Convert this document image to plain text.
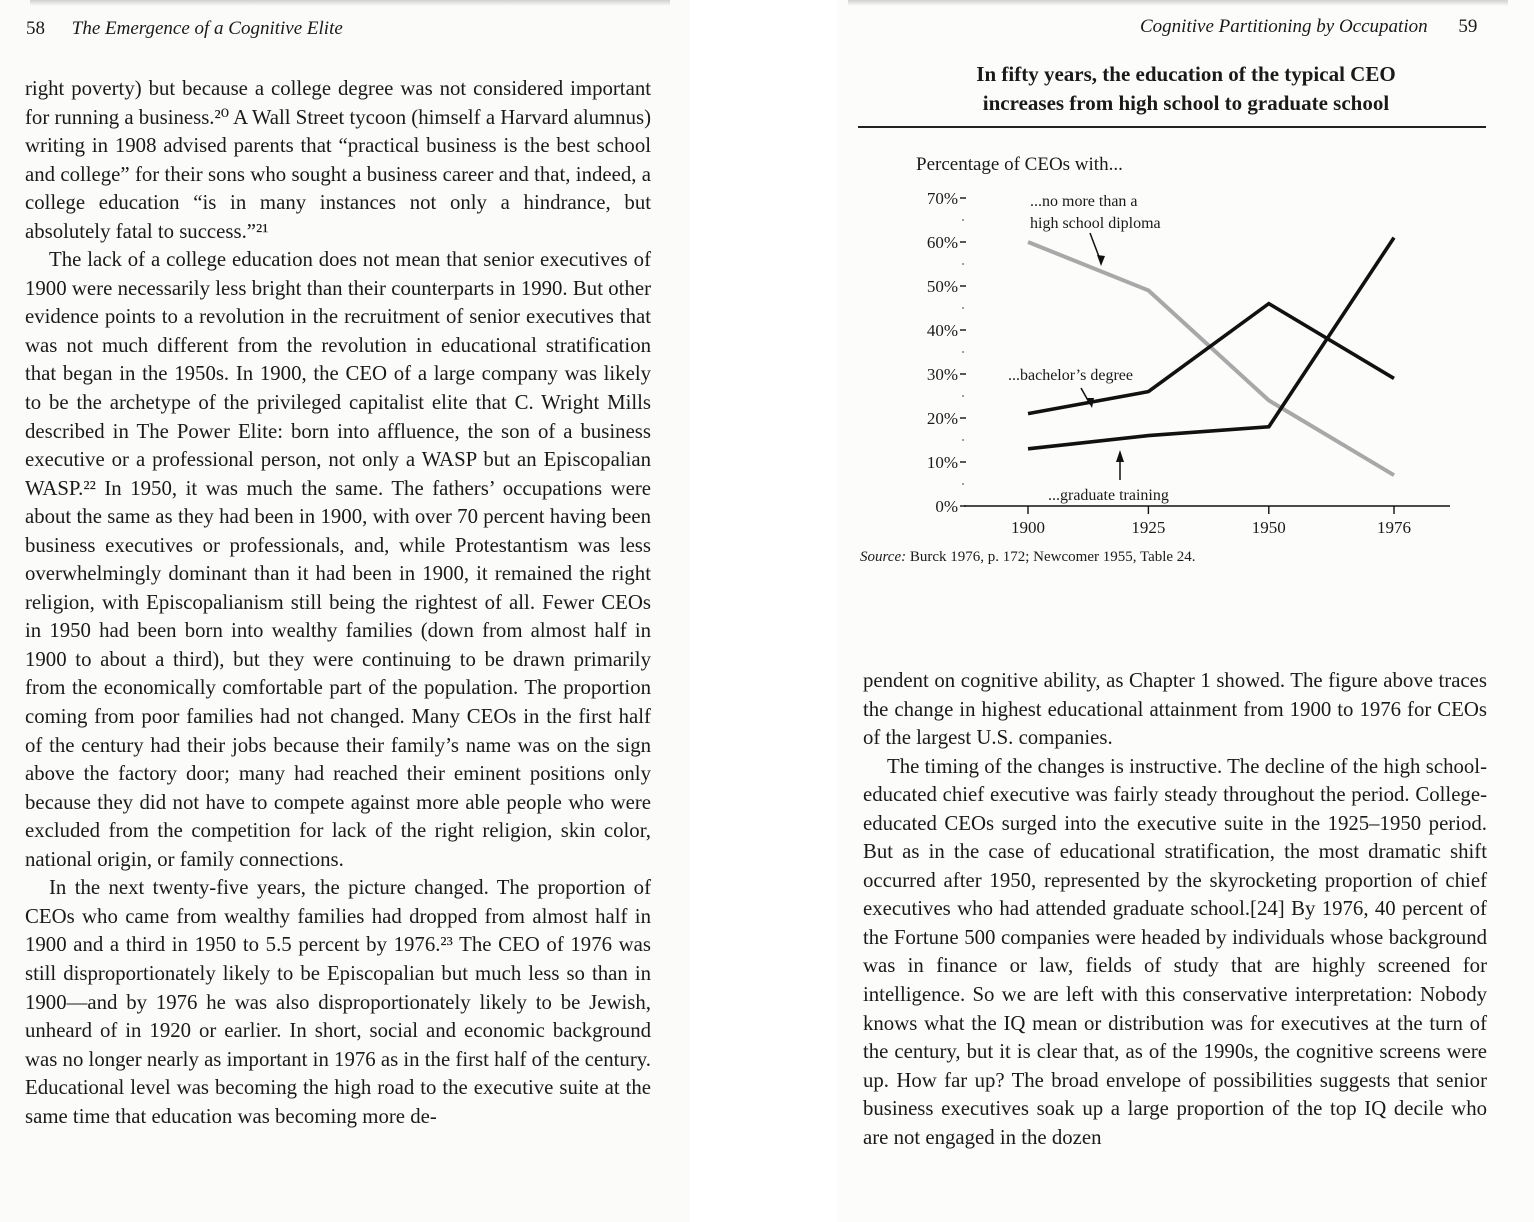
58 The Emergence of a Cognitive Elite

right poverty) but because a college degree was not considered important for running a business.²⁰ A Wall Street tycoon (himself a Harvard alumnus) writing in 1908 advised parents that “practical business is the best school and college” for their sons who sought a business career and that, indeed, a college education “is in many instances not only a hindrance, but absolutely fatal to success.”²¹

The lack of a college education does not mean that senior executives of 1900 were necessarily less bright than their counterparts in 1990. But other evidence points to a revolution in the recruitment of senior executives that was not much different from the revolution in educational stratification that began in the 1950s. In 1900, the CEO of a large company was likely to be the archetype of the privileged capitalist elite that C. Wright Mills described in The Power Elite: born into affluence, the son of a business executive or a professional person, not only a WASP but an Episcopalian WASP.²² In 1950, it was much the same. The fathers’ occupations were about the same as they had been in 1900, with over 70 percent having been business executives or professionals, and, while Protestantism was less overwhelmingly dominant than it had been in 1900, it remained the right religion, with Episcopalianism still being the rightest of all. Fewer CEOs in 1950 had been born into wealthy families (down from almost half in 1900 to about a third), but they were continuing to be drawn primarily from the economically comfortable part of the population. The proportion coming from poor families had not changed. Many CEOs in the first half of the century had their jobs because their family’s name was on the sign above the factory door; many had reached their eminent positions only because they did not have to compete against more able people who were excluded from the competition for lack of the right religion, skin color, national origin, or family connections.

In the next twenty-five years, the picture changed. The proportion of CEOs who came from wealthy families had dropped from almost half in 1900 and a third in 1950 to 5.5 percent by 1976.²³ The CEO of 1976 was still disproportionately likely to be Episcopalian but much less so than in 1900—and by 1976 he was also disproportionately likely to be Jewish, unheard of in 1920 or earlier. In short, social and economic background was no longer nearly as important in 1976 as in the first half of the century. Educational level was becoming the high road to the executive suite at the same time that education was becoming more de-

Cognitive Partitioning by Occupation 59
In fifty years, the education of the typical CEO
increases from high school to graduate school
Percentage of CEOs with...
0%
10%
20%
30%
40%
50%
60%
70%
1900	1925	1950	1976
...no more than a
high school diploma
...bachelor’s degree
...graduate training
Source: Burck 1976, p. 172; Newcomer 1955, Table 24.

pendent on cognitive ability, as Chapter 1 showed. The figure above traces the change in highest educational attainment from 1900 to 1976 for CEOs of the largest U.S. companies.

The timing of the changes is instructive. The decline of the high school-educated chief executive was fairly steady throughout the period. College-educated CEOs surged into the executive suite in the 1925–1950 period. But as in the case of educational stratification, the most dramatic shift occurred after 1950, represented by the skyrocketing proportion of chief executives who had attended graduate school.[24] By 1976, 40 percent of the Fortune 500 companies were headed by individuals whose background was in finance or law, fields of study that are highly screened for intelligence. So we are left with this conservative interpretation: Nobody knows what the IQ mean or distribution was for executives at the turn of the century, but it is clear that, as of the 1990s, the cognitive screens were up. How far up? The broad envelope of possibilities suggests that senior business executives soak up a large proportion of the top IQ decile who are not engaged in the dozen
